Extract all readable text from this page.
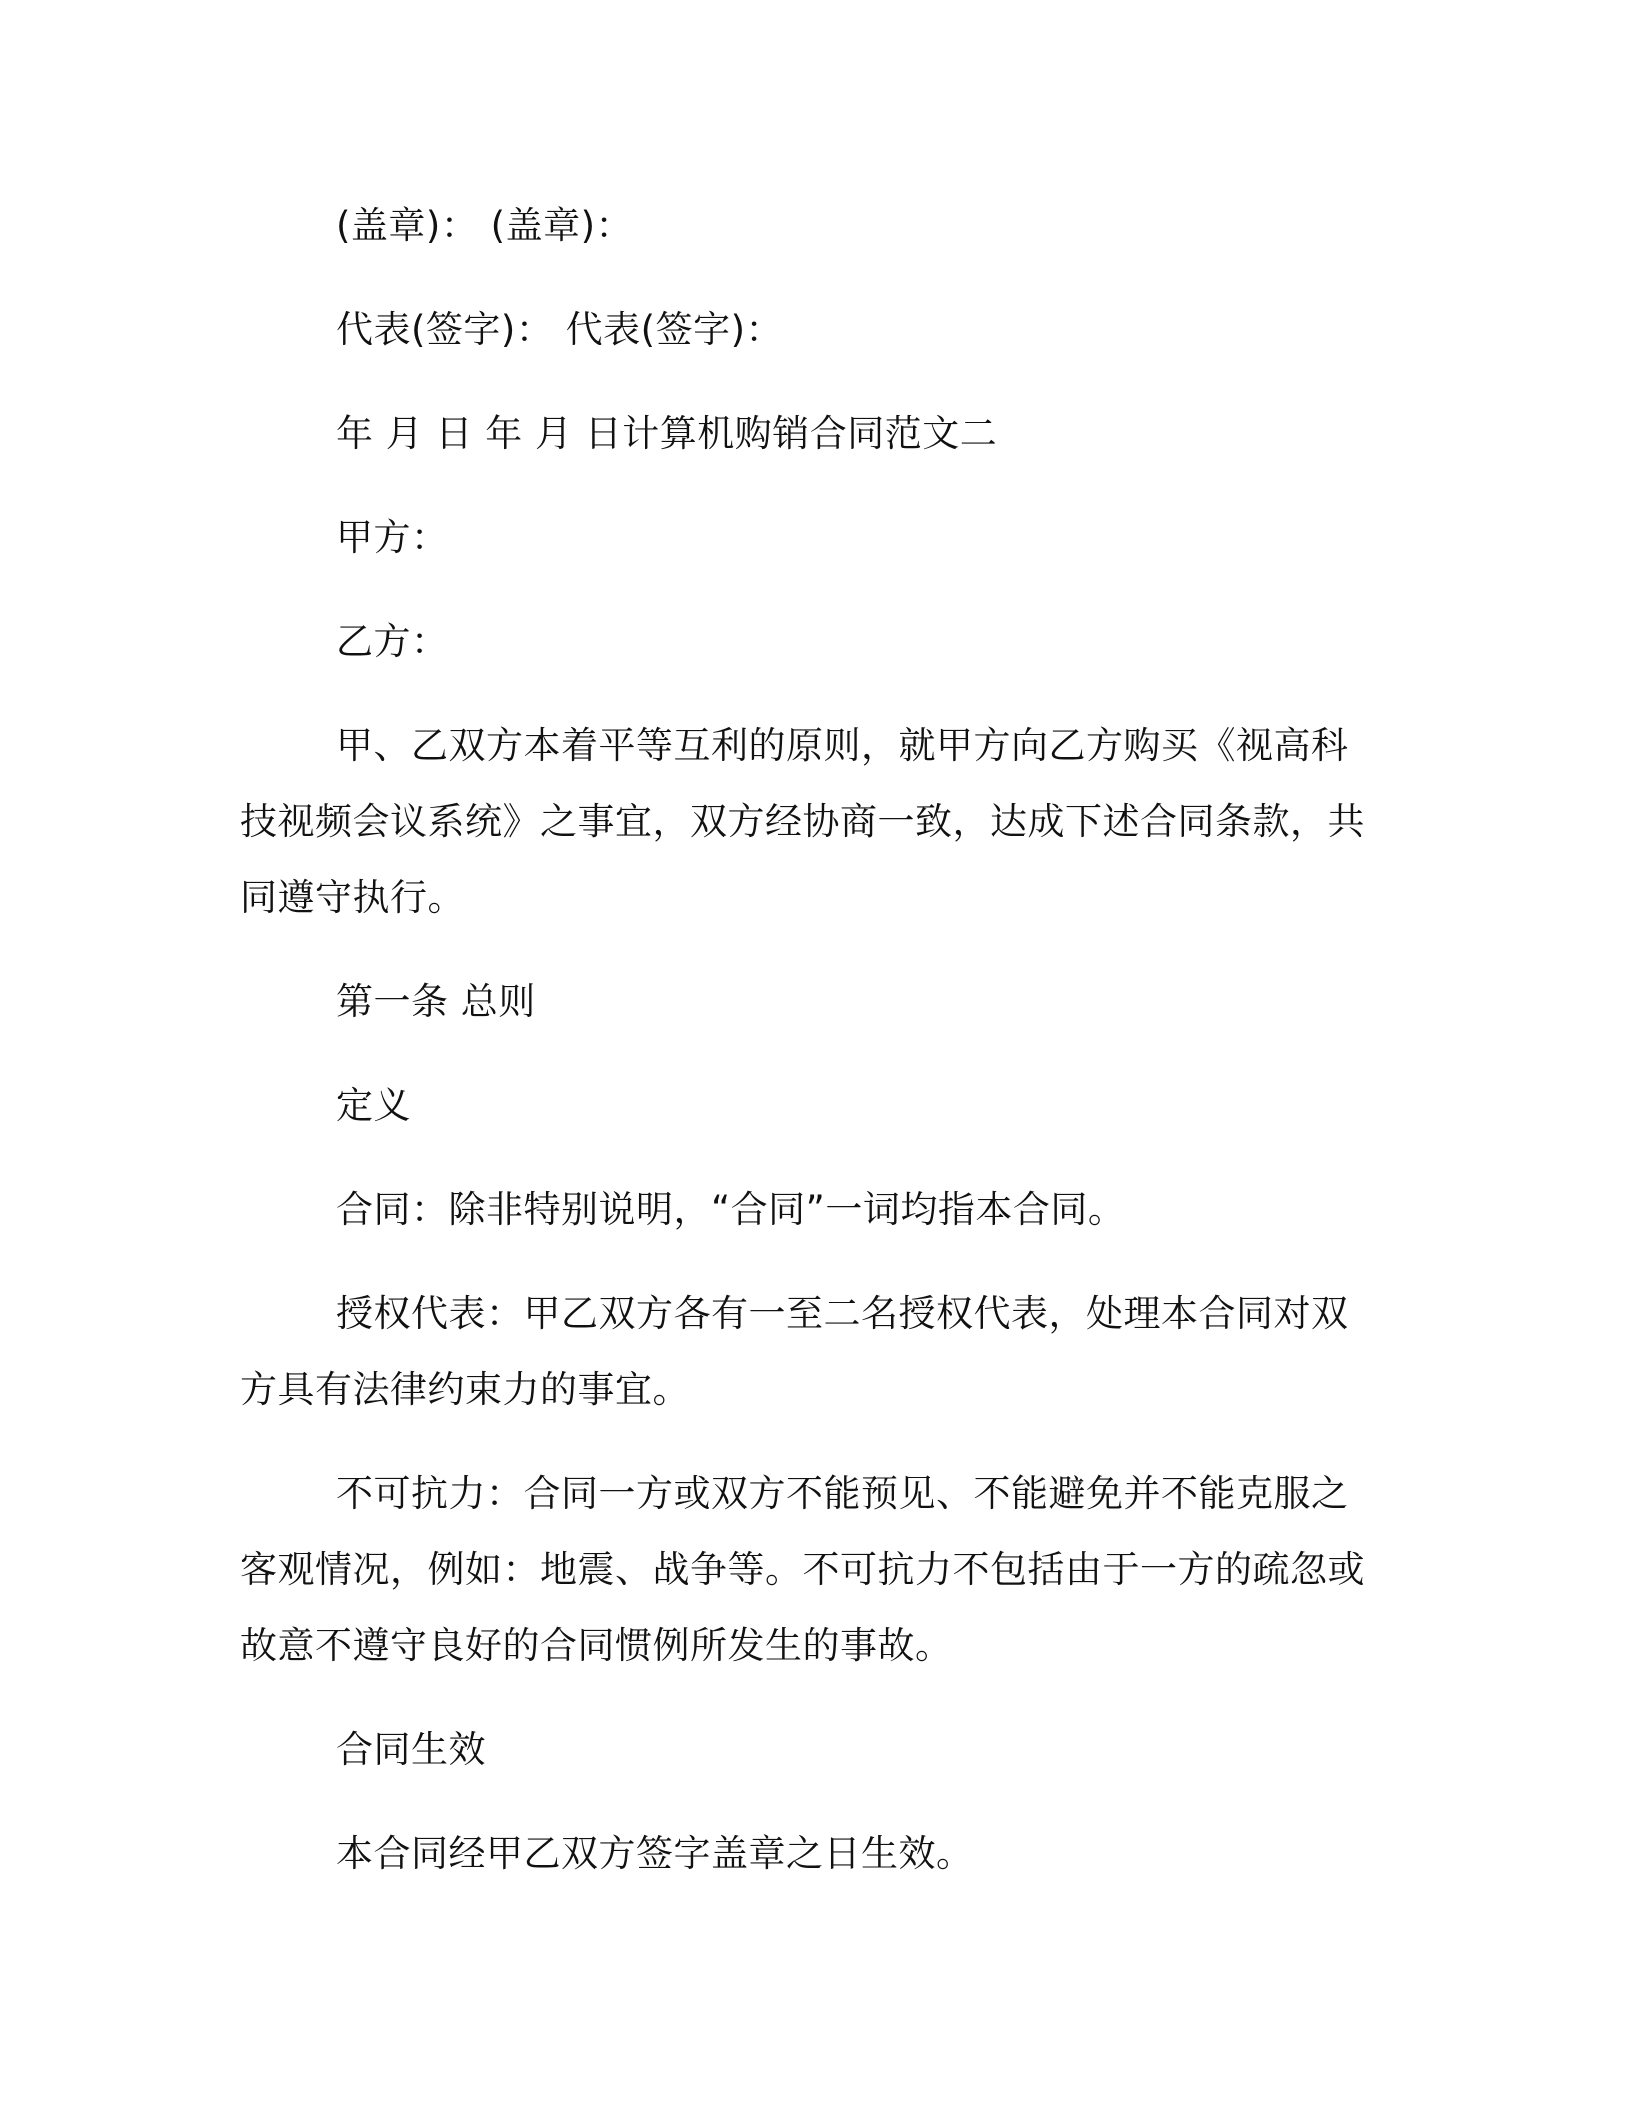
(盖章)： (盖章)：

代表(签字)： 代表(签字)：

年 月 日 年 月 日计算机购销合同范文二

甲方：

乙方：

甲、乙双方本着平等互利的原则，就甲方向乙方购买《视高科技视频会议系统》之事宜，双方经协商一致，达成下述合同条款，共同遵守执行。

第一条 总则

定义

合同：除非特别说明，“合同”一词均指本合同。

授权代表：甲乙双方各有一至二名授权代表，处理本合同对双方具有法律约束力的事宜。

不可抗力：合同一方或双方不能预见、不能避免并不能克服之客观情况，例如：地震、战争等。不可抗力不包括由于一方的疏忽或故意不遵守良好的合同惯例所发生的事故。

合同生效

本合同经甲乙双方签字盖章之日生效。
